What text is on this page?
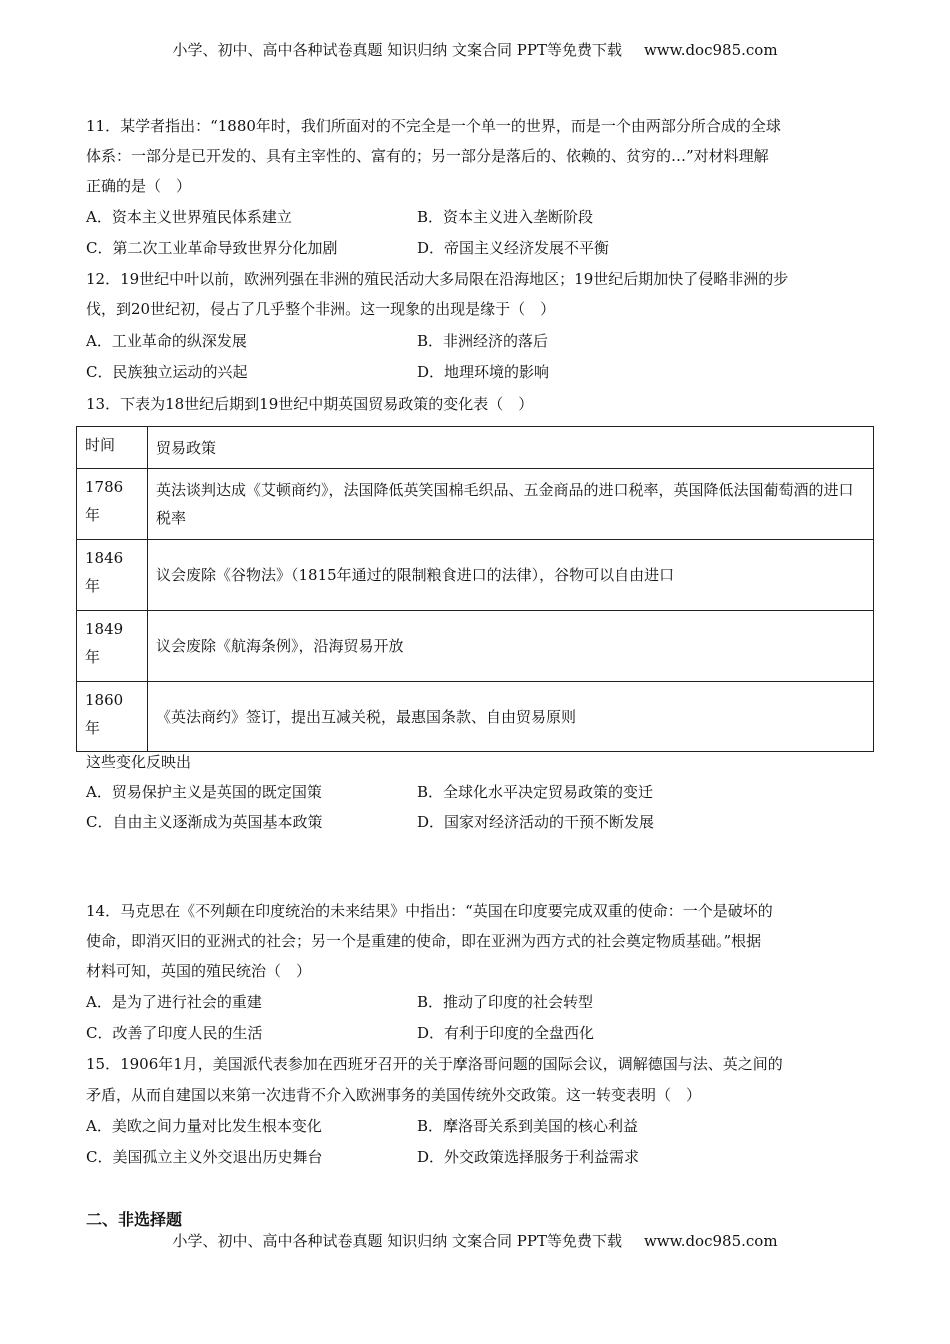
小学、初中、高中各种试卷真题 知识归纳 文案合同 PPT等免费下载 www.doc985.com
11．某学者指出：“1880年时，我们所面对的不完全是一个单一的世界，而是一个由两部分所合成的全球
体系：一部分是已开发的、具有主宰性的、富有的；另一部分是落后的、依赖的、贫穷的…”对材料理解
正确的是（　）
A．资本主义世界殖民体系建立	B．资本主义进入垄断阶段
C．第二次工业革命导致世界分化加剧	D．帝国主义经济发展不平衡
12．19世纪中叶以前，欧洲列强在非洲的殖民活动大多局限在沿海地区；19世纪后期加快了侵略非洲的步
伐，到20世纪初，侵占了几乎整个非洲。这一现象的出现是缘于（　）
A．工业革命的纵深发展	B．非洲经济的落后
C．民族独立运动的兴起	D．地理环境的影响
13．下表为18世纪后期到19世纪中期英国贸易政策的变化表（　）
时间	贸易政策
1786
年	英法谈判达成《艾顿商约》，法国降低英笑国棉毛织品、五金商品的进口税率，英国降低法国葡萄酒的进口税率
1846
年	议会废除《谷物法》（1815年通过的限制粮食进口的法律），谷物可以自由进口
1849
年	议会废除《航海条例》，沿海贸易开放
1860
年	《英法商约》签订，提出互减关税，最惠国条款、自由贸易原则
这些变化反映出
A．贸易保护主义是英国的既定国策	B．全球化水平决定贸易政策的变迁
C．自由主义逐渐成为英国基本政策	D．国家对经济活动的干预不断发展
14．马克思在《不列颠在印度统治的未来结果》中指出：“英国在印度要完成双重的使命：一个是破坏的
使命，即消灭旧的亚洲式的社会；另一个是重建的使命，即在亚洲为西方式的社会奠定物质基础。”根据
材料可知，英国的殖民统治（　）
A．是为了进行社会的重建	B．推动了印度的社会转型
C．改善了印度人民的生活	D．有利于印度的全盘西化
15．1906年1月，美国派代表参加在西班牙召开的关于摩洛哥问题的国际会议，调解德国与法、英之间的
矛盾，从而自建国以来第一次违背不介入欧洲事务的美国传统外交政策。这一转变表明（　）
A．美欧之间力量对比发生根本变化	B．摩洛哥关系到美国的核心利益
C．美国孤立主义外交退出历史舞台	D．外交政策选择服务于利益需求
二、非选择题
小学、初中、高中各种试卷真题 知识归纳 文案合同 PPT等免费下载 www.doc985.com
